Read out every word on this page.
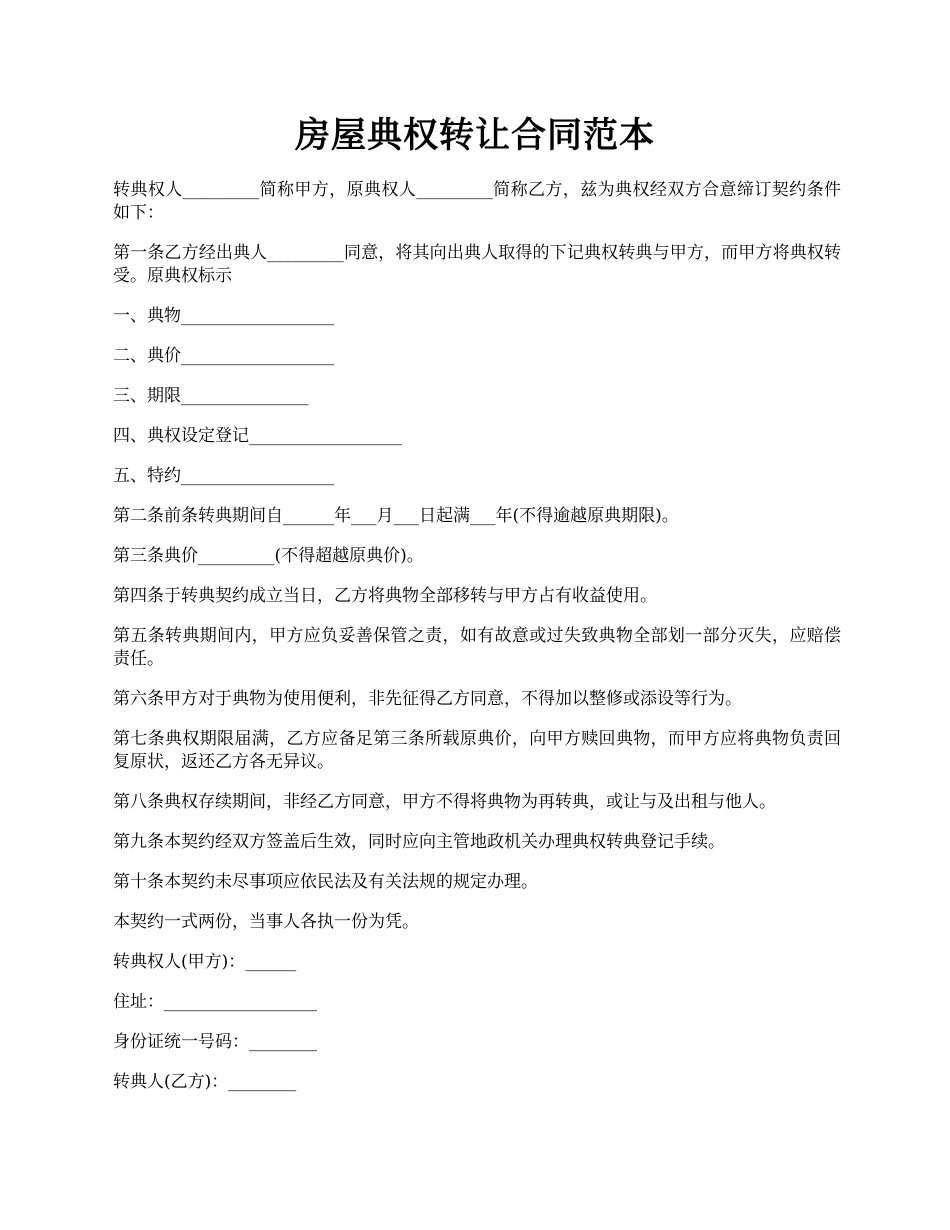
房屋典权转让合同范本

转典权人_________简称甲方，原典权人_________简称乙方，兹为典权经双方合意缔订契约条件如下：

第一条乙方经出典人_________同意，将其向出典人取得的下记典权转典与甲方，而甲方将典权转受。原典权标示

一、典物__________________

二、典价__________________

三、期限_______________

四、典权设定登记__________________

五、特约__________________

第二条前条转典期间自______年___月___日起满___年(不得逾越原典期限)。

第三条典价_________(不得超越原典价)。

第四条于转典契约成立当日，乙方将典物全部移转与甲方占有收益使用。

第五条转典期间内，甲方应负妥善保管之责，如有故意或过失致典物全部划一部分灭失，应赔偿责任。

第六条甲方对于典物为使用便利，非先征得乙方同意，不得加以整修或添设等行为。

第七条典权期限届满，乙方应备足第三条所载原典价，向甲方赎回典物，而甲方应将典物负责回复原状，返还乙方各无异议。

第八条典权存续期间，非经乙方同意，甲方不得将典物为再转典，或让与及出租与他人。

第九条本契约经双方签盖后生效，同时应向主管地政机关办理典权转典登记手续。

第十条本契约未尽事项应依民法及有关法规的规定办理。

本契约一式两份，当事人各执一份为凭。

转典权人(甲方)：______

住址：__________________

身份证统一号码：________

转典人(乙方)：________
